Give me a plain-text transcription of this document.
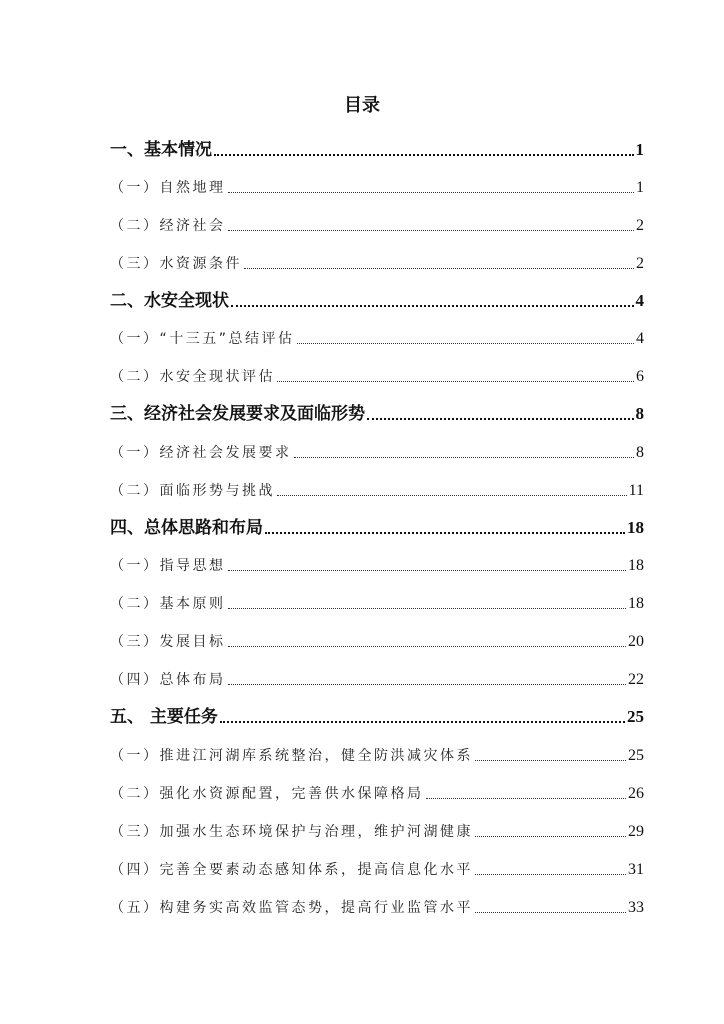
目录
一、基本情况	1
（一）自然地理	1
（二）经济社会	2
（三）水资源条件	2
二、水安全现状	4
（一）“十三五”总结评估	4
（二）水安全现状评估	6
三、经济社会发展要求及面临形势	8
（一）经济社会发展要求	8
（二）面临形势与挑战	11
四、总体思路和布局	18
（一）指导思想	18
（二）基本原则	18
（三）发展目标	20
（四）总体布局	22
五、 主要任务	25
（一）推进江河湖库系统整治，健全防洪减灾体系	25
（二）强化水资源配置，完善供水保障格局	26
（三）加强水生态环境保护与治理，维护河湖健康	29
（四）完善全要素动态感知体系，提高信息化水平	31
（五）构建务实高效监管态势，提高行业监管水平	33
